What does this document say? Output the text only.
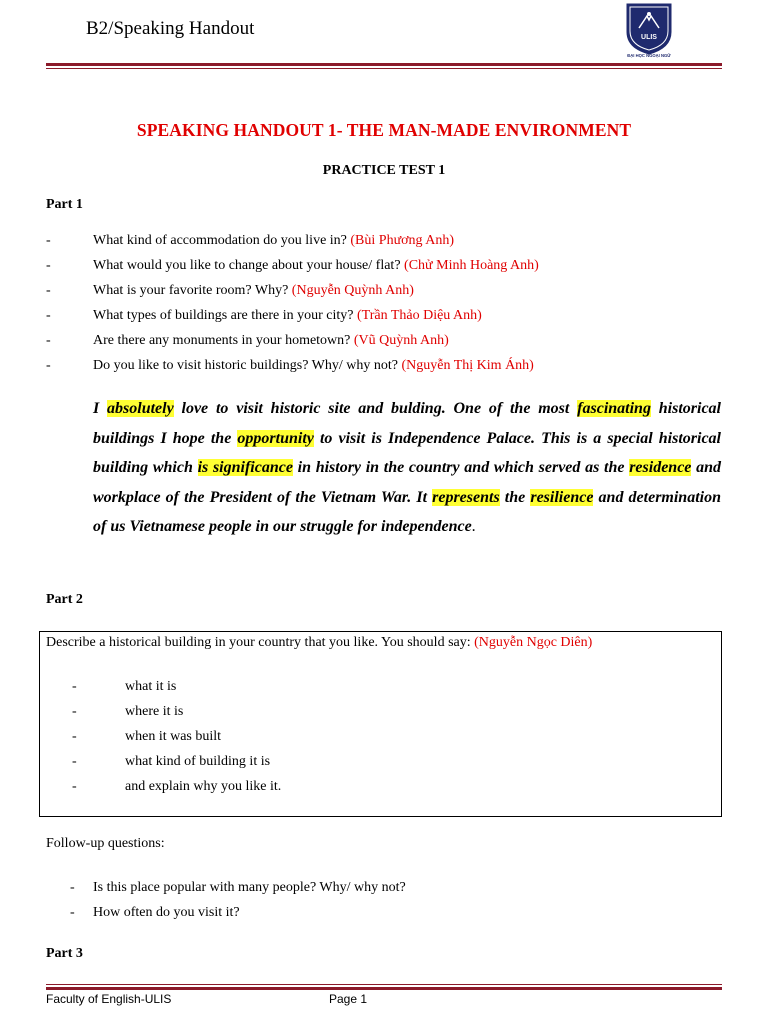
B2/Speaking Handout	ULIS
ĐẠI HỌC NGOẠI NGỮ
SPEAKING HANDOUT 1- THE MAN-MADE ENVIRONMENT
PRACTICE TEST 1
Part 1
-	What kind of accommodation do you live in? (Bùi Phương Anh)
-	What would you like to change about your house/ flat? (Chử Minh Hoàng Anh)
-	What is your favorite room? Why? (Nguyễn Quỳnh Anh)
-	What types of buildings are there in your city? (Trần Thảo Diệu Anh)
-	Are there any monuments in your hometown? (Vũ Quỳnh Anh)
-	Do you like to visit historic buildings? Why/ why not? (Nguyễn Thị Kim Ánh)
I absolutely love to visit historic site and bulding. One of the most fascinating historical buildings I hope the opportunity to visit is Independence Palace. This is a special historical building which is significance in history in the country and which served as the residence and workplace of the President of the Vietnam War. It represents the resilience and determination of us Vietnamese people in our struggle for independence.
Part 2
Describe a historical building in your country that you like. You should say: (Nguyễn Ngọc Diên)
-	what it is
-	where it is
-	when it was built
-	what kind of building it is
-	and explain why you like it.
Follow-up questions:
-	Is this place popular with many people? Why/ why not?
-	How often do you visit it?
Part 3
Faculty of English-ULIS	Page 1
